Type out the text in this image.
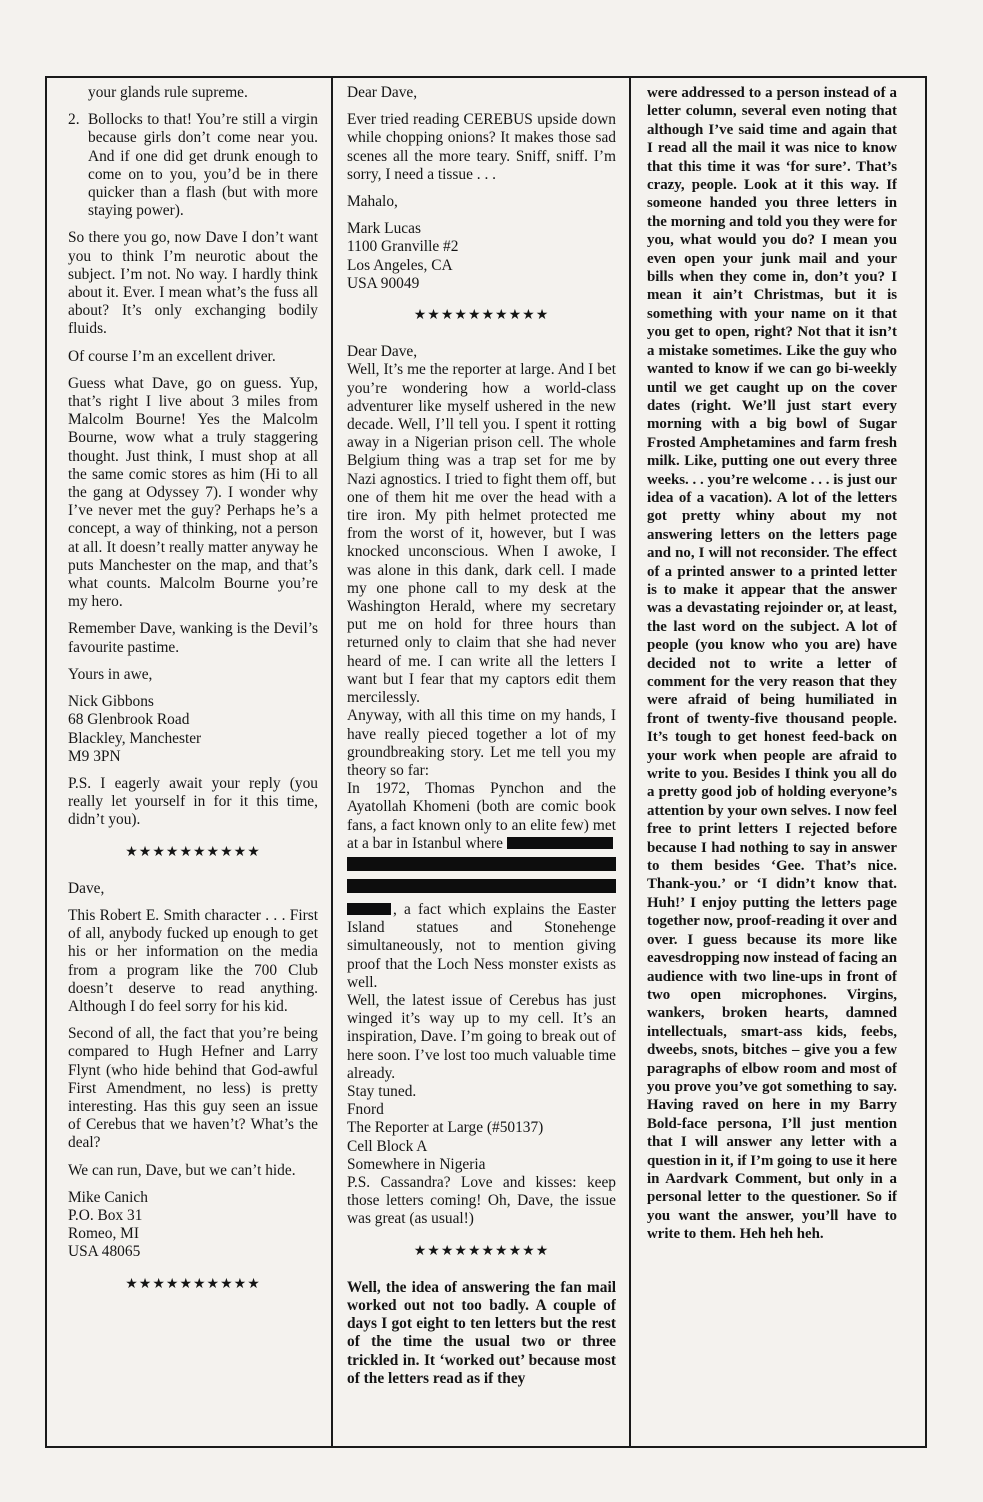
your glands rule supreme.

2. Bollocks to that! You’re still a virgin because girls don’t come near you. And if one did get drunk enough to come on to you, you’d be in there quicker than a flash (but with more staying power).

So there you go, now Dave I don’t want you to think I’m neurotic about the subject. I’m not. No way. I hardly think about it. Ever. I mean what’s the fuss all about? It’s only exchanging bodily fluids.

Of course I’m an excellent driver.

Guess what Dave, go on guess. Yup, that’s right I live about 3 miles from Malcolm Bourne! Yes the Malcolm Bourne, wow what a truly staggering thought. Just think, I must shop at all the same comic stores as him (Hi to all the gang at Odyssey 7). I wonder why I’ve never met the guy? Perhaps he’s a concept, a way of thinking, not a person at all. It doesn’t really matter anyway he puts Manchester on the map, and that’s what counts. Malcolm Bourne you’re my hero.

Remember Dave, wanking is the Devil’s favourite pastime.

Yours in awe,

Nick Gibbons
68 Glenbrook Road
Blackley, Manchester
M9 3PN

P.S. I eagerly await your reply (you really let yourself in for it this time, didn’t you).

★★★★★★★★★★

Dave,

This Robert E. Smith character . . . First of all, anybody fucked up enough to get his or her information on the media from a program like the 700 Club doesn’t deserve to read anything. Although I do feel sorry for his kid.

Second of all, the fact that you’re being compared to Hugh Hefner and Larry Flynt (who hide behind that God-awful First Amendment, no less) is pretty interesting. Has this guy seen an issue of Cerebus that we haven’t? What’s the deal?

We can run, Dave, but we can’t hide.

Mike Canich
P.O. Box 31
Romeo, MI
USA 48065
★★★★★★★★★★

Dear Dave,

Ever tried reading CEREBUS upside down while chopping onions? It makes those sad scenes all the more teary. Sniff, sniff. I’m sorry, I need a tissue . . .

Mahalo,

Mark Lucas
1100 Granville #2
Los Angeles, CA
USA 90049
★★★★★★★★★★

Dear Dave,

Well, It’s me the reporter at large. And I bet you’re wondering how a world-class adventurer like myself ushered in the new decade. Well, I’ll tell you. I spent it rotting away in a Nigerian prison cell. The whole Belgium thing was a trap set for me by Nazi agnostics. I tried to fight them off, but one of them hit me over the head with a tire iron. My pith helmet protected me from the worst of it, however, but I was knocked unconscious. When I awoke, I was alone in this dank, dark cell. I made my one phone call to my desk at the Washington Herald, where my secretary put me on hold for three hours than returned only to claim that she had never heard of me. I can write all the letters I want but I fear that my captors edit them mercilessly.

Anyway, with all this time on my hands, I have really pieced together a lot of my groundbreaking story. Let me tell you my theory so far:

In 1972, Thomas Pynchon and the Ayatollah Khomeni (both are comic book fans, a fact known only to an elite few) met at a bar in Istanbul where

, a fact which explains the Easter Island statues and Stonehenge simultaneously, not to mention giving proof that the Loch Ness monster exists as well.

Well, the latest issue of Cerebus has just winged it’s way up to my cell. It’s an inspiration, Dave. I’m going to break out of here soon. I’ve lost too much valuable time already.

Stay tuned.

Fnord

The Reporter at Large (#50137)
Cell Block A
Somewhere in Nigeria

P.S. Cassandra? Love and kisses: keep those letters coming! Oh, Dave, the issue was great (as usual!)

★★★★★★★★★★

Well, the idea of answering the fan mail worked out not too badly. A couple of days I got eight to ten letters but the rest of the time the usual two or three trickled in. It ‘worked out’ because most of the letters read as if they

were addressed to a person instead of a letter column, several even noting that although I’ve said time and again that I read all the mail it was nice to know that this time it was ‘for sure’. That’s crazy, people. Look at it this way. If someone handed you three letters in the morning and told you they were for you, what would you do? I mean you even open your junk mail and your bills when they come in, don’t you? I mean it ain’t Christmas, but it is something with your name on it that you get to open, right? Not that it isn’t a mistake sometimes. Like the guy who wanted to know if we can go bi-weekly until we get caught up on the cover dates (right. We’ll just start every morning with a big bowl of Sugar Frosted Amphetamines and farm fresh milk. Like, putting one out every three weeks. . . you’re welcome . . . is just our idea of a vacation). A lot of the letters got pretty whiny about my not answering letters on the letters page and no, I will not reconsider. The effect of a printed answer to a printed letter is to make it appear that the answer was a devastating rejoinder or, at least, the last word on the subject. A lot of people (you know who you are) have decided not to write a letter of comment for the very reason that they were afraid of being humiliated in front of twenty-five thousand people. It’s tough to get honest feed-back on your work when people are afraid to write to you. Besides I think you all do a pretty good job of holding everyone’s attention by your own selves. I now feel free to print letters I rejected before because I had nothing to say in answer to them besides ‘Gee. That’s nice. Thank-you.’ or ‘I didn’t know that. Huh!’ I enjoy putting the letters page together now, proof-reading it over and over. I guess because its more like eavesdropping now instead of facing an audience with two line-ups in front of two open microphones. Virgins, wankers, broken hearts, damned intellectuals, smart-ass kids, feebs, dweebs, snots, bitches – give you a few paragraphs of elbow room and most of you prove you’ve got something to say. Having raved on here in my Barry Bold-face persona, I’ll just mention that I will answer any letter with a question in it, if I’m going to use it here in Aardvark Comment, but only in a personal letter to the questioner. So if you want the answer, you’ll have to write to them. Heh heh heh.
